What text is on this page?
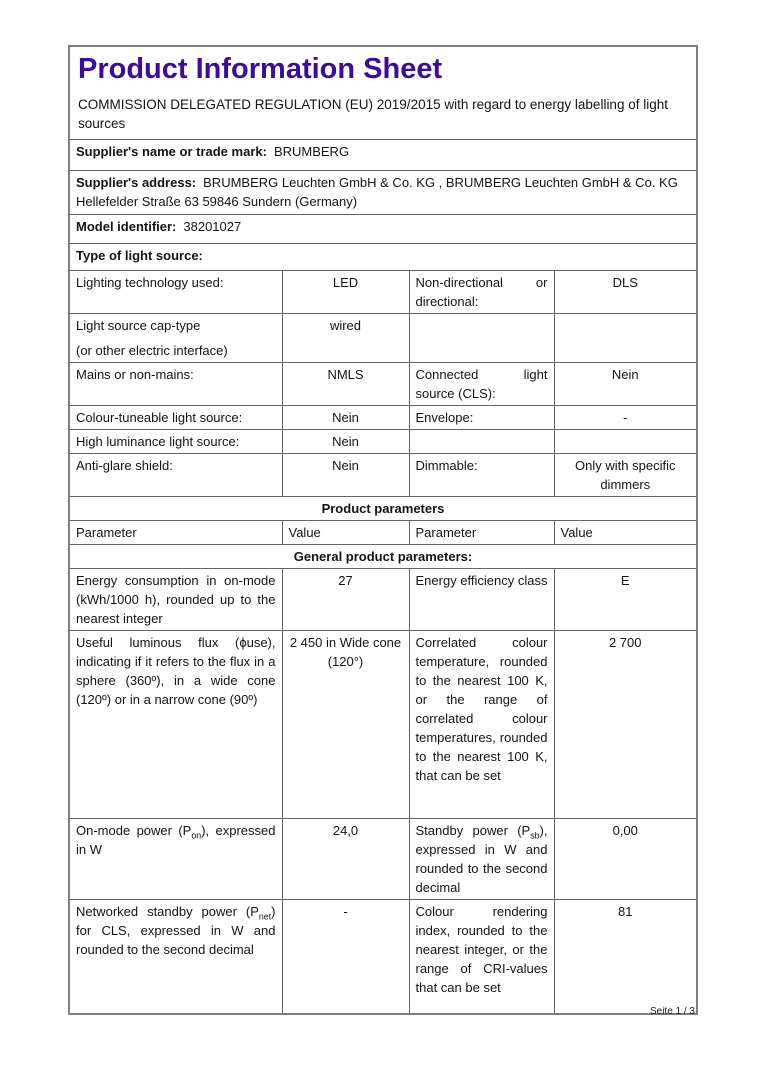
Product Information Sheet
COMMISSION DELEGATED REGULATION (EU) 2019/2015 with regard to energy labelling of light sources			

Supplier's name or trade mark: BRUMBERG			
Supplier's address: BRUMBERG Leuchten GmbH & Co. KG , BRUMBERG Leuchten GmbH & Co. KG Hellefelder Straße 63 59846 Sundern (Germany)			
Model identifier: 38201027			
Type of light source:			
Lighting technology used:	LED	Non-directional or directional:	DLS

Light source cap-type
(or other electric interface)	wired		
Mains or non-mains:	NMLS	Connected light source (CLS):	Nein
Colour-tuneable light source:	Nein	Envelope:	-
High luminance light source:	Nein		
Anti-glare shield:	Nein	Dimmable:	Only with specific dimmers
Product parameters			
Parameter	Value	Parameter	Value
General product parameters:			
Energy consumption in on-mode (kWh/1000 h), rounded up to the nearest integer	27	Energy efficiency class	E
Useful luminous flux (ϕuse), indicating if it refers to the flux in a sphere (360º), in a wide cone (120º) or in a narrow cone (90º)	2 450 in Wide cone (120°)	Correlated colour temperature, rounded to the nearest 100 K, or the range of correlated colour temperatures, rounded to the nearest 100 K, that can be set	2 700
On-mode power $(P_{on})$, expressed in W	24,0	Standby power $(P_{sb})$, expressed in W and rounded to the second decimal	0,00
Networked standby power $(P_{net})$ for CLS, expressed in W and rounded to the second decimal	-	Colour rendering index, rounded to the nearest integer, or the range of CRI-values that can be set	81
Seite 1 / 3
